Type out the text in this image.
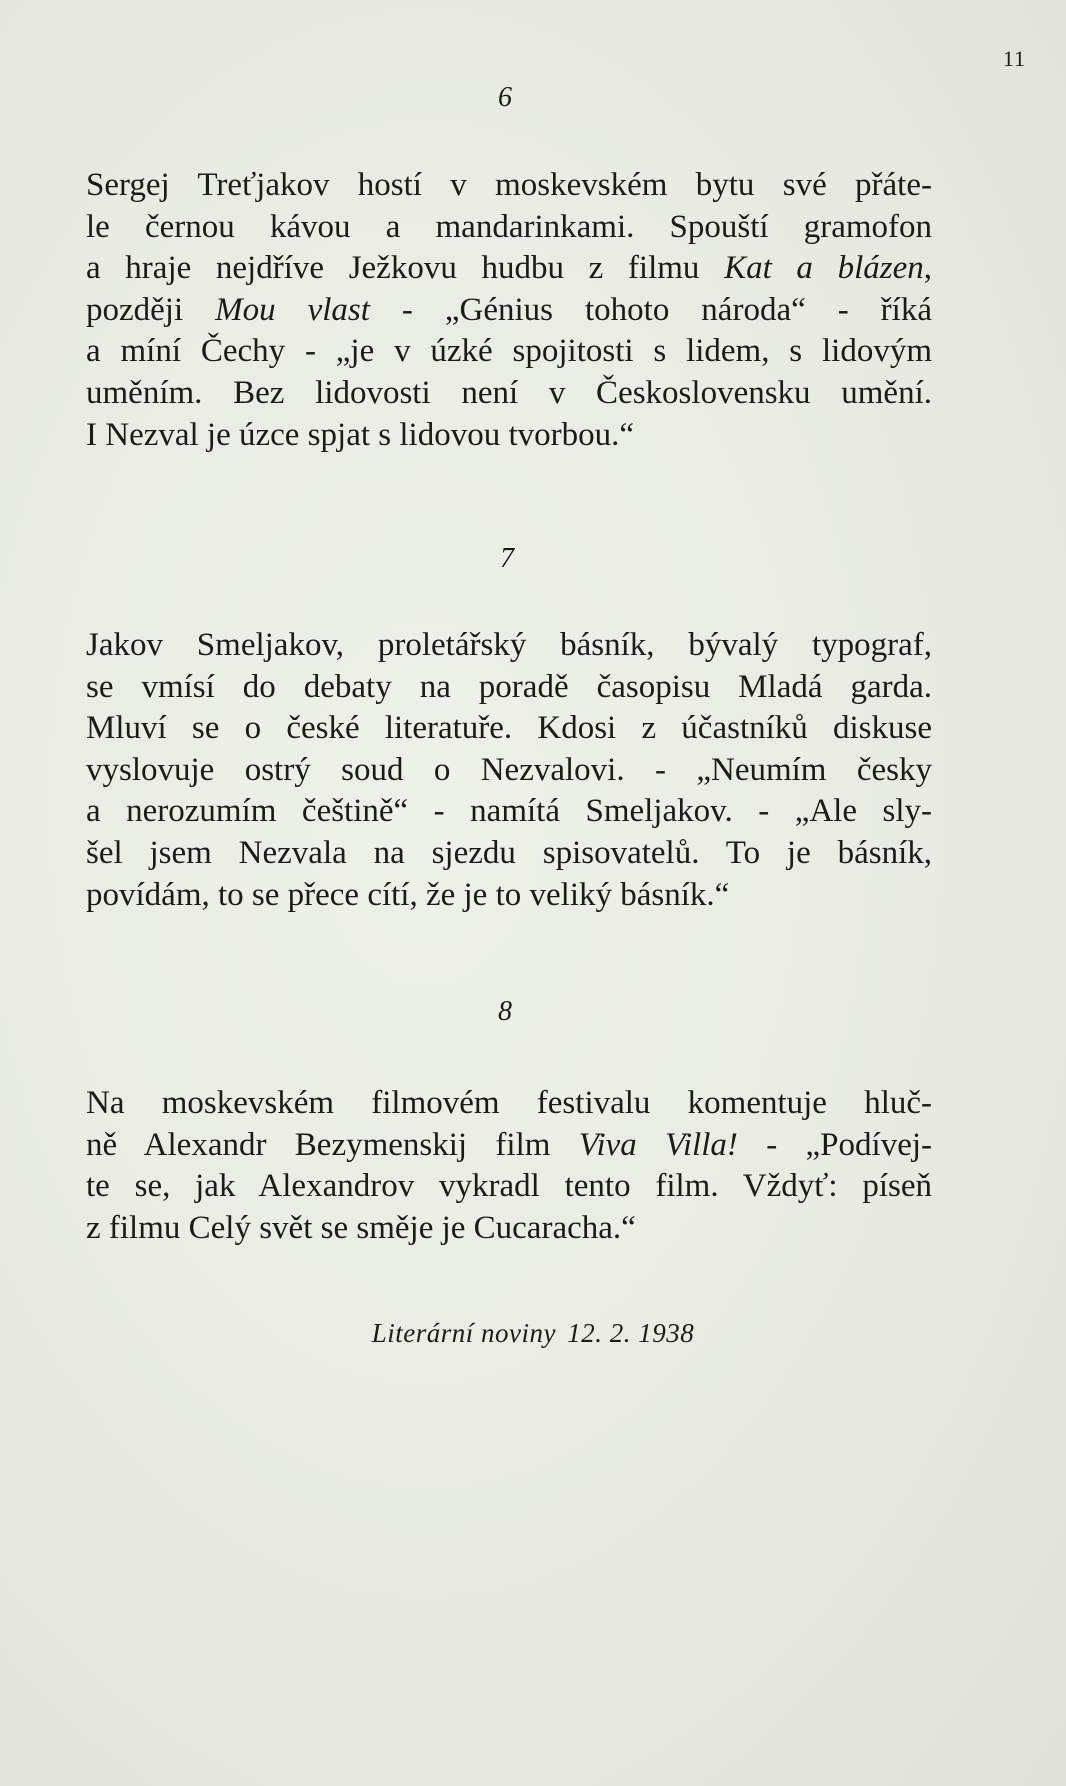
11
6

Sergej Treťjakov hostí v moskevském bytu své přáte-
le černou kávou a mandarinkami. Spouští gramofon
a hraje nejdříve Ježkovu hudbu z filmu Kat a blázen,
později Mou vlast - „Génius tohoto národa“ - říká
a míní Čechy - „je v úzké spojitosti s lidem, s lidovým
uměním. Bez lidovosti není v Československu umění.
I Nezval je úzce spjat s lidovou tvorbou.“

7

Jakov Smeljakov, proletářský básník, bývalý typograf,
se vmísí do debaty na poradě časopisu Mladá garda.
Mluví se o české literatuře. Kdosi z účastníků diskuse
vyslovuje ostrý soud o Nezvalovi. - „Neumím česky
a nerozumím češtině“ - namítá Smeljakov. - „Ale sly-
šel jsem Nezvala na sjezdu spisovatelů. To je básník,
povídám, to se přece cítí, že je to veliký básník.“

8

Na moskevském filmovém festivalu komentuje hluč-
ně Alexandr Bezymenskij film Viva Villa! - „Podívej-
te se, jak Alexandrov vykradl tento film. Vždyť: píseň
z filmu Celý svět se směje je Cucaracha.“

Literární noviny 12. 2. 1938
